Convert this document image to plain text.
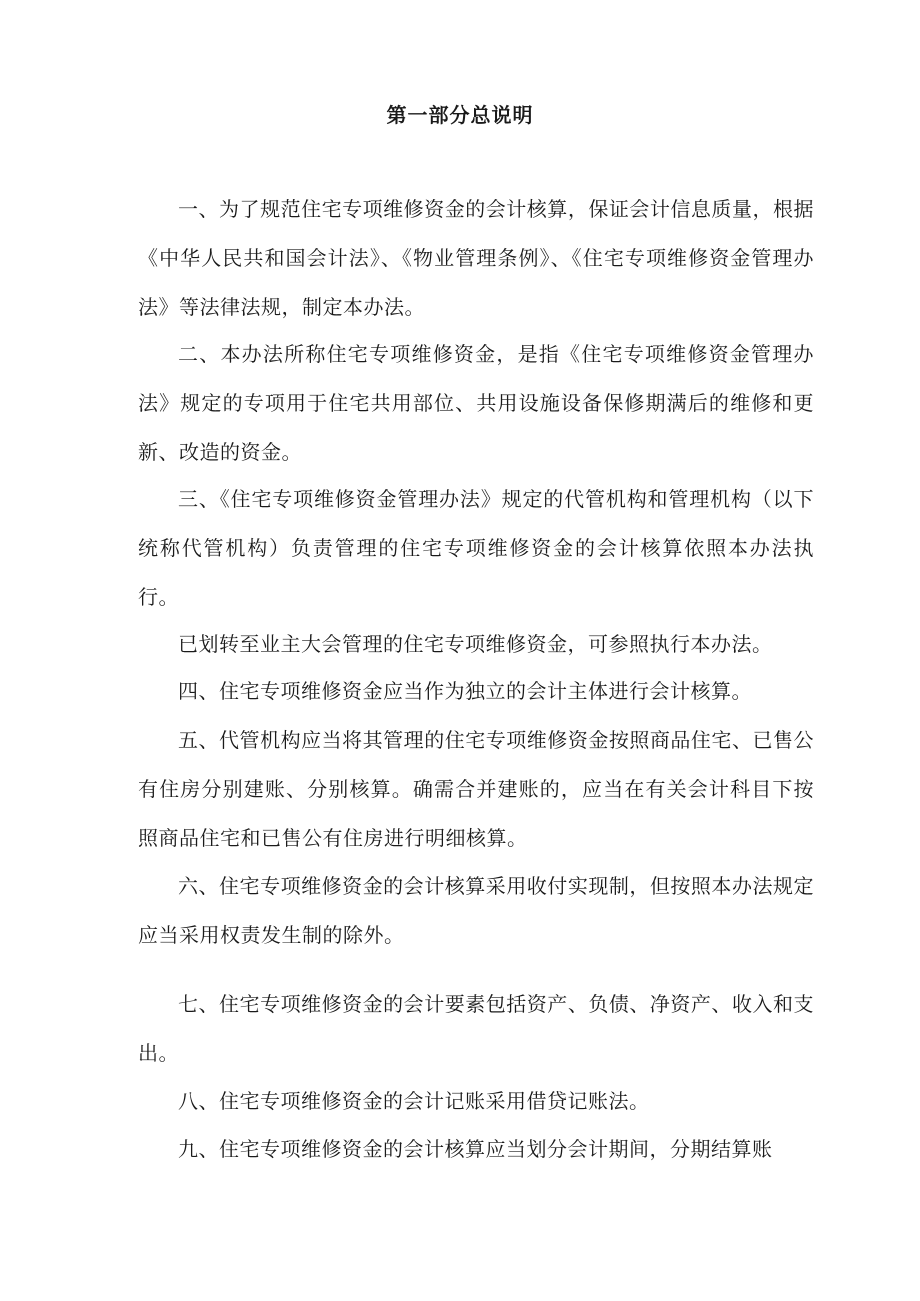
第一部分总说明
一、为了规范住宅专项维修资金的会计核算，保证会计信息质量，根据《中华人民共和国会计法》、《物业管理条例》、《住宅专项维修资金管理办法》等法律法规，制定本办法。
二、本办法所称住宅专项维修资金，是指《住宅专项维修资金管理办法》规定的专项用于住宅共用部位、共用设施设备保修期满后的维修和更新、改造的资金。
三、《住宅专项维修资金管理办法》规定的代管机构和管理机构（以下统称代管机构）负责管理的住宅专项维修资金的会计核算依照本办法执行。
已划转至业主大会管理的住宅专项维修资金，可参照执行本办法。
四、住宅专项维修资金应当作为独立的会计主体进行会计核算。
五、代管机构应当将其管理的住宅专项维修资金按照商品住宅、已售公有住房分别建账、分别核算。确需合并建账的，应当在有关会计科目下按照商品住宅和已售公有住房进行明细核算。
六、住宅专项维修资金的会计核算采用收付实现制，但按照本办法规定应当采用权责发生制的除外。
七、住宅专项维修资金的会计要素包括资产、负债、净资产、收入和支出。
八、住宅专项维修资金的会计记账采用借贷记账法。
九、住宅专项维修资金的会计核算应当划分会计期间，分期结算账
